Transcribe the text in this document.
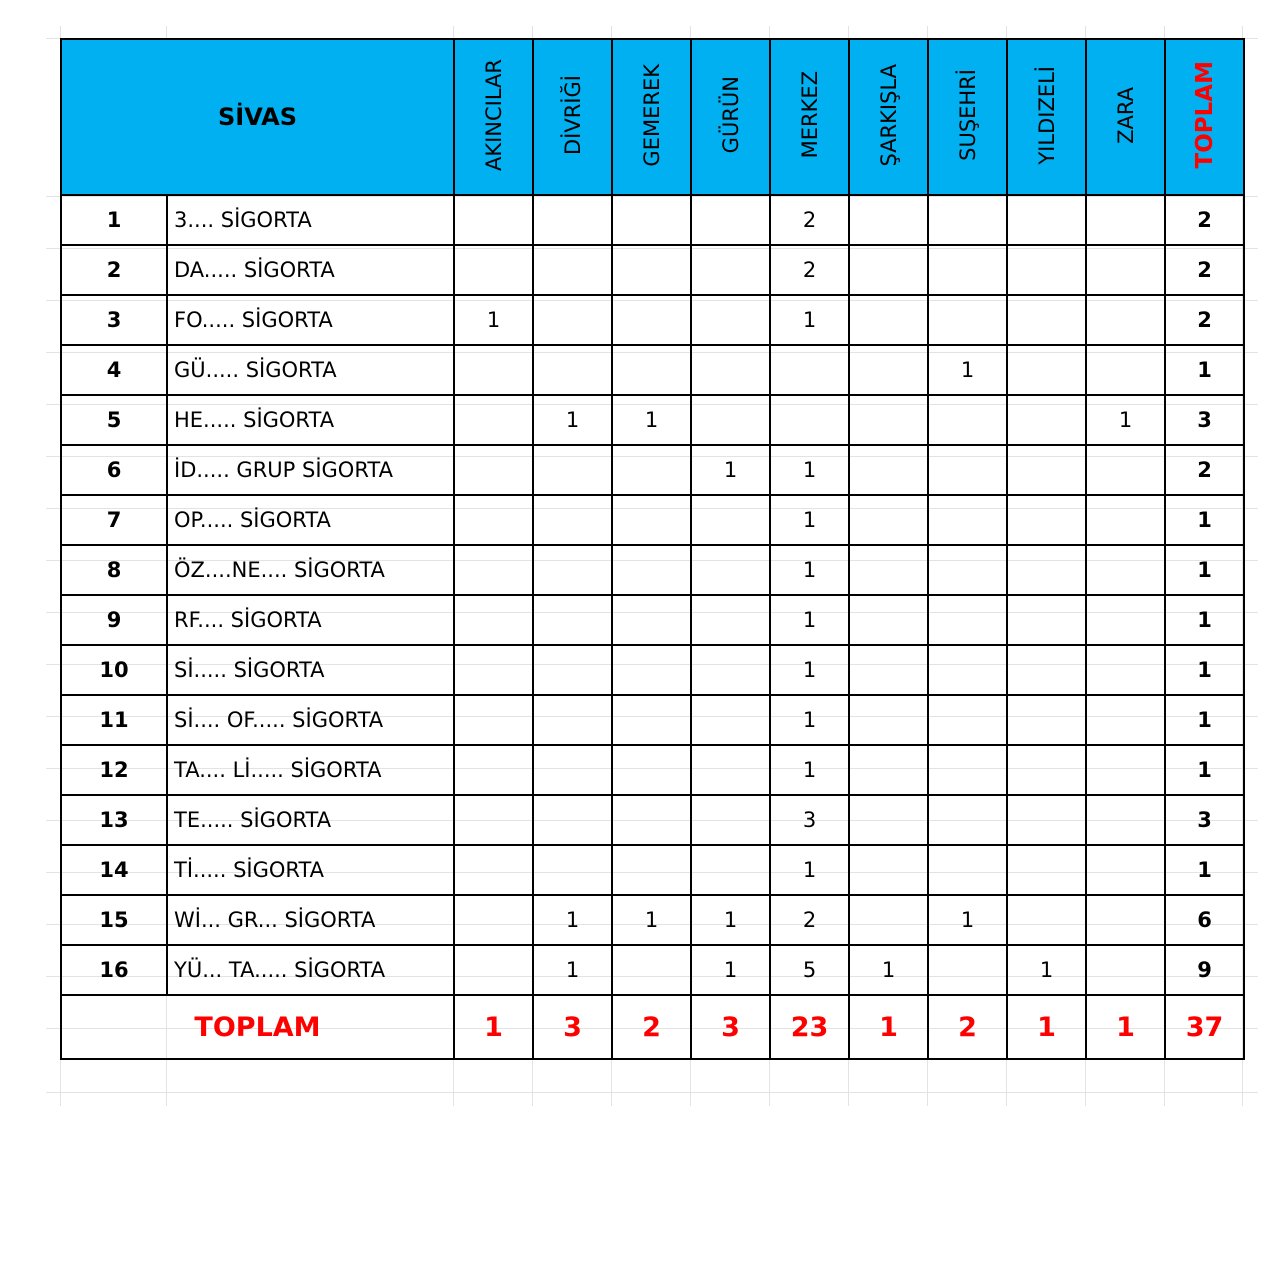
SİVAS		AKINCILAR	DİVRİĞİ	GEMEREK	GÜRÜN	MERKEZ	ŞARKIŞLA	SUŞEHRİ	YILDIZELİ	ZARA	TOPLAM
1	3.... SİGORTA					2					2
2	DA..... SİGORTA					2					2
3	FO..... SİGORTA	1				1					2
4	GÜ..... SİGORTA							1			1
5	HE..... SİGORTA		1	1						1	3
6	İD..... GRUP SİGORTA				1	1					2
7	OP..... SİGORTA					1					1
8	ÖZ....NE.... SİGORTA					1					1
9	RF.... SİGORTA					1					1
10	Sİ..... SİGORTA					1					1
11	Sİ.... OF..... SİGORTA					1					1
12	TA.... Lİ..... SİGORTA					1					1
13	TE..... SİGORTA					3					3
14	Tİ..... SİGORTA					1					1
15	Wİ... GR... SİGORTA		1	1	1	2		1			6
16	YÜ... TA..... SİGORTA		1		1	5	1		1		9
TOPLAM		1	3	2	3	23	1	2	1	1	37
